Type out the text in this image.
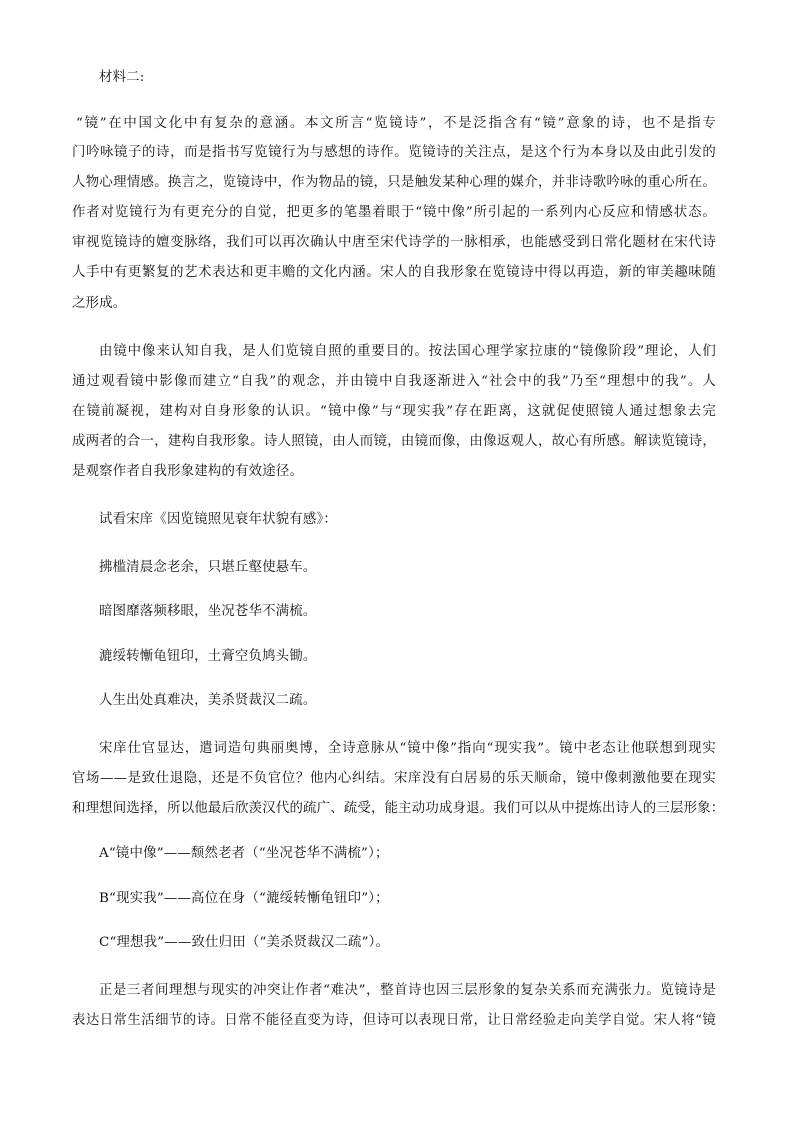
材料二:
“镜”在中国文化中有复杂的意涵。本文所言“览镜诗”，不是泛指含有“镜”意象的诗，也不是指专
门吟咏镜子的诗，而是指书写览镜行为与感想的诗作。览镜诗的关注点，是这个行为本身以及由此引发的
人物心理情感。换言之，览镜诗中，作为物品的镜，只是触发某种心理的媒介，并非诗歌吟咏的重心所在。
作者对览镜行为有更充分的自觉，把更多的笔墨着眼于“镜中像”所引起的一系列内心反应和情感状态。
审视览镜诗的嬗变脉络，我们可以再次确认中唐至宋代诗学的一脉相承，也能感受到日常化题材在宋代诗
人手中有更繁复的艺术表达和更丰赡的文化内涵。宋人的自我形象在览镜诗中得以再造，新的审美趣味随
之形成。
由镜中像来认知自我，是人们览镜自照的重要目的。按法国心理学家拉康的“镜像阶段”理论，人们
通过观看镜中影像而建立“自我”的观念，并由镜中自我逐渐进入“社会中的我”乃至“理想中的我”。人
在镜前凝视，建构对自身形象的认识。“镜中像”与“现实我”存在距离，这就促使照镜人通过想象去完
成两者的合一，建构自我形象。诗人照镜，由人而镜，由镜而像，由像返观人，故心有所感。解读览镜诗，
是观察作者自我形象建构的有效途径。
试看宋庠《因览镜照见衰年状貌有感》：
拂槛清晨念老余，只堪丘壑使悬车。
暗图靡落频移眼，坐况苍华不满梳。
漉绥转慚龟钮印，土膏空负鸠头锄。
人生出处真难决，美杀贤裁汉二疏。
宋庠仕官显达，遣词造句典丽奥博，全诗意脉从“镜中像”指向“现实我”。镜中老态让他联想到现实
官场——是致仕退隐，还是不负官位？他内心纠结。宋庠没有白居易的乐天顺命，镜中像刺激他要在现实
和理想间选择，所以他最后欣羡汉代的疏广、疏受，能主动功成身退。我们可以从中提炼出诗人的三层形象：
A“镜中像”——颓然老者（“坐况苍华不满梳”）；
B“现实我”——高位在身（“漉绥转慚龟钮印”）；
C“理想我”——致仕归田（“美杀贤裁汉二疏”）。
正是三者间理想与现实的冲突让作者“难决”，整首诗也因三层形象的复杂关系而充满张力。览镜诗是
表达日常生活细节的诗。日常不能径直变为诗，但诗可以表现日常，让日常经验走向美学自觉。宋人将“镜
